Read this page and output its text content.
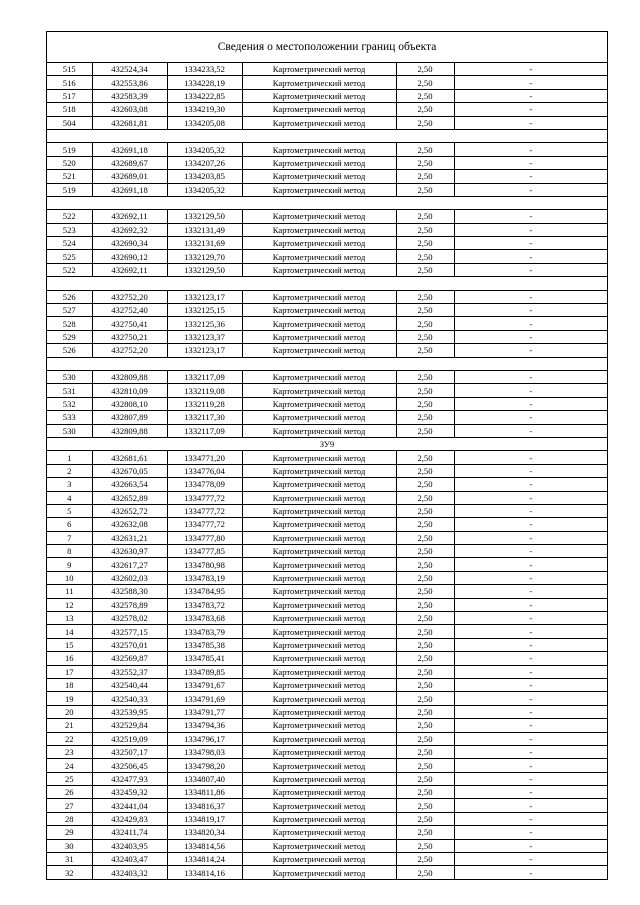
Сведения о местоположении границ объекта
515	432524,34	1334233,52	Картометрический метод	2,50	-
516	432553,86	1334228,19	Картометрический метод	2,50	-
517	432583,39	1334222,85	Картометрический метод	2,50	-
518	432603,08	1334219,30	Картометрический метод	2,50	-
504	432681,81	1334205,08	Картометрический метод	2,50	-

519	432691,18	1334205,32	Картометрический метод	2,50	-
520	432689,67	1334207,26	Картометрический метод	2,50	-
521	432689,01	1334203,85	Картометрический метод	2,50	-
519	432691,18	1334205,32	Картометрический метод	2,50	-

522	432692,11	1332129,50	Картометрический метод	2,50	-
523	432692,32	1332131,49	Картометрический метод	2,50	-
524	432690,34	1332131,69	Картометрический метод	2,50	-
525	432690,12	1332129,70	Картометрический метод	2,50	-
522	432692,11	1332129,50	Картометрический метод	2,50	-

526	432752,20	1332123,17	Картометрический метод	2,50	-
527	432752,40	1332125,15	Картометрический метод	2,50	-
528	432750,41	1332125,36	Картометрический метод	2,50	-
529	432750,21	1332123,37	Картометрический метод	2,50	-
526	432752,20	1332123,17	Картометрический метод	2,50	-

530	432809,88	1332117,09	Картометрический метод	2,50	-
531	432810,09	1332119,08	Картометрический метод	2,50	-
532	432808,10	1332119,28	Картометрический метод	2,50	-
533	432807,89	1332117,30	Картометрический метод	2,50	-
530	432809,88	1332117,09	Картометрический метод	2,50	-
ЗУ9					
1	432681,61	1334771,20	Картометрический метод	2,50	-
2	432670,05	1334776,04	Картометрический метод	2,50	-
3	432663,54	1334778,09	Картометрический метод	2,50	-
4	432652,89	1334777,72	Картометрический метод	2,50	-
5	432652,72	1334777,72	Картометрический метод	2,50	-
6	432632,08	1334777,72	Картометрический метод	2,50	-
7	432631,21	1334777,80	Картометрический метод	2,50	-
8	432630,97	1334777,85	Картометрический метод	2,50	-
9	432617,27	1334780,98	Картометрический метод	2,50	-
10	432602,03	1334783,19	Картометрический метод	2,50	-
11	432588,30	1334784,95	Картометрический метод	2,50	-
12	432578,89	1334783,72	Картометрический метод	2,50	-
13	432578,02	1334783,68	Картометрический метод	2,50	-
14	432577,15	1334783,79	Картометрический метод	2,50	-
15	432570,01	1334785,38	Картометрический метод	2,50	-
16	432569,87	1334785,41	Картометрический метод	2,50	-
17	432552,37	1334789,85	Картометрический метод	2,50	-
18	432540,44	1334791,67	Картометрический метод	2,50	-
19	432540,33	1334791,69	Картометрический метод	2,50	-
20	432539,95	1334791,77	Картометрический метод	2,50	-
21	432529,84	1334794,36	Картометрический метод	2,50	-
22	432519,09	1334796,17	Картометрический метод	2,50	-
23	432507,17	1334798,03	Картометрический метод	2,50	-
24	432506,45	1334798,20	Картометрический метод	2,50	-
25	432477,93	1334807,40	Картометрический метод	2,50	-
26	432459,32	1334811,86	Картометрический метод	2,50	-
27	432441,04	1334816,37	Картометрический метод	2,50	-
28	432429,83	1334819,17	Картометрический метод	2,50	-
29	432411,74	1334820,34	Картометрический метод	2,50	-
30	432403,95	1334814,56	Картометрический метод	2,50	-
31	432403,47	1334814,24	Картометрический метод	2,50	-
32	432403,32	1334814,16	Картометрический метод	2,50	-
